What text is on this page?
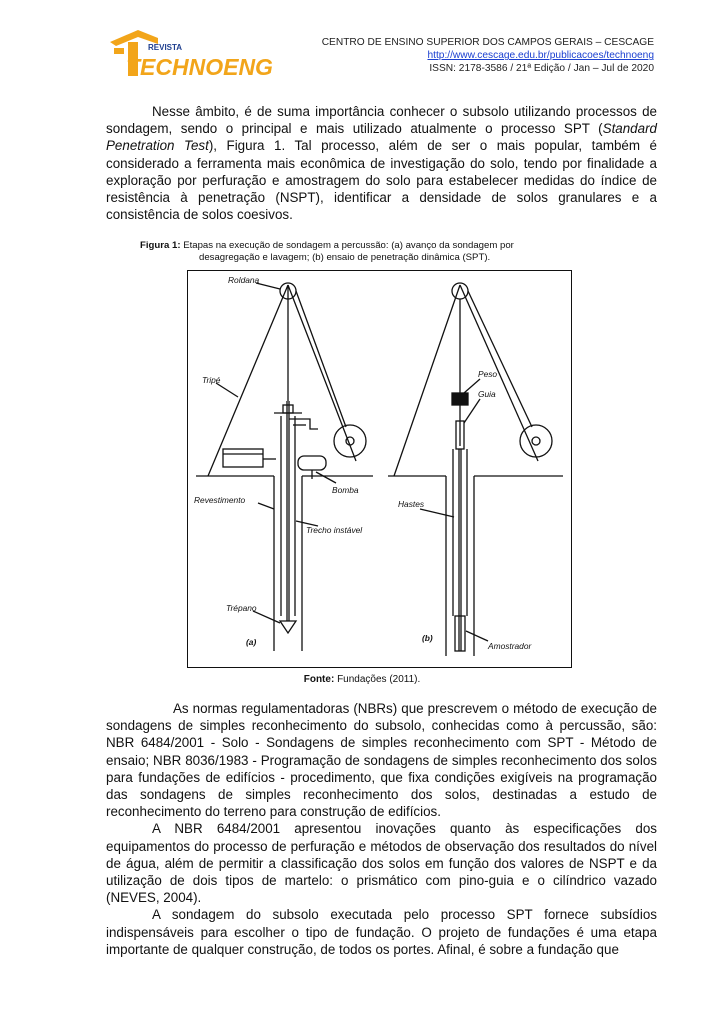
REVISTA
TECHNOENG
CENTRO DE ENSINO SUPERIOR DOS CAMPOS GERAIS – CESCAGE
http://www.cescage.edu.br/publicacoes/technoeng
ISSN: 2178-3586 / 21ª Edição / Jan – Jul de 2020

Nesse âmbito, é de suma importância conhecer o subsolo utilizando processos de sondagem, sendo o principal e mais utilizado atualmente o processo SPT (Standard Penetration Test), Figura 1. Tal processo, além de ser o mais popular, também é considerado a ferramenta mais econômica de investigação do solo, tendo por finalidade a exploração por perfuração e amostragem do solo para estabelecer medidas do índice de resistência à penetração (NSPT), identificar a densidade de solos granulares e a consistência de solos coesivos.

Figura 1: Etapas na execução de sondagem a percussão: (a) avanço da sondagem por
desagregação e lavagem; (b) ensaio de penetração dinâmica (SPT).
Roldana
Tripé
Bomba
Revestimento
Trecho instável
Trépano
(a)
Peso
Guia
Hastes
(b)
Amostrador
Fonte: Fundações (2011).

As normas regulamentadoras (NBRs) que prescrevem o método de execução de sondagens de simples reconhecimento do subsolo, conhecidas como à percussão, são: NBR 6484/2001 - Solo - Sondagens de simples reconhecimento com SPT - Método de ensaio; NBR 8036/1983 - Programação de sondagens de simples reconhecimento dos solos para fundações de edifícios - procedimento, que fixa condições exigíveis na programação das sondagens de simples reconhecimento dos solos, destinadas a estudo de reconhecimento do terreno para construção de edifícios.

A NBR 6484/2001 apresentou inovações quanto às especificações dos equipamentos do processo de perfuração e métodos de observação dos resultados do nível de água, além de permitir a classificação dos solos em função dos valores de NSPT e da utilização de dois tipos de martelo: o prismático com pino-guia e o cilíndrico vazado (NEVES, 2004).

A sondagem do subsolo executada pelo processo SPT fornece subsídios indispensáveis para escolher o tipo de fundação. O projeto de fundações é uma etapa importante de qualquer construção, de todos os portes. Afinal, é sobre a fundação que
